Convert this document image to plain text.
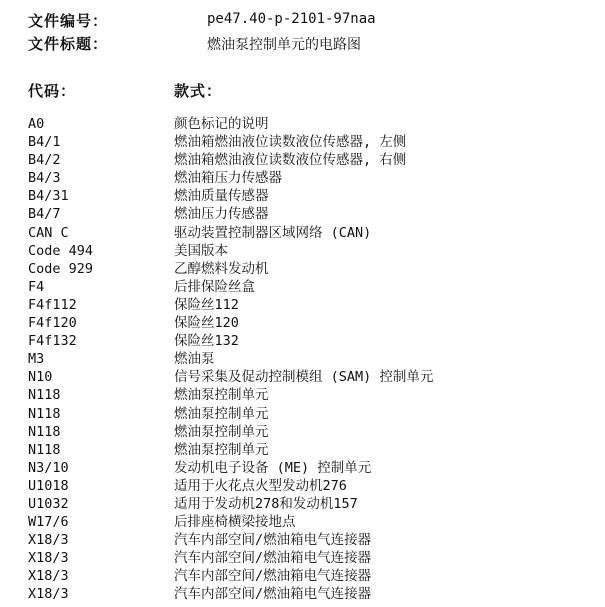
文件编号：	pe47.40-p-2101-97naa
文件标题：	燃油泵控制单元的电路图
代码：	款式：
A0	颜色标记的说明
B4/1	燃油箱燃油液位读数液位传感器, 左侧
B4/2	燃油箱燃油液位读数液位传感器, 右侧
B4/3	燃油箱压力传感器
B4/31	燃油质量传感器
B4/7	燃油压力传感器
CAN C	驱动装置控制器区域网络 (CAN)
Code 494	美国版本
Code 929	乙醇燃料发动机
F4	后排保险丝盒
F4f112	保险丝112
F4f120	保险丝120
F4f132	保险丝132
M3	燃油泵
N10	信号采集及促动控制模组 (SAM) 控制单元
N118	燃油泵控制单元
N118	燃油泵控制单元
N118	燃油泵控制单元
N118	燃油泵控制单元
N3/10	发动机电子设备 (ME) 控制单元
U1018	适用于火花点火型发动机276
U1032	适用于发动机278和发动机157
W17/6	后排座椅横梁接地点
X18/3	汽车内部空间/燃油箱电气连接器
X18/3	汽车内部空间/燃油箱电气连接器
X18/3	汽车内部空间/燃油箱电气连接器
X18/3	汽车内部空间/燃油箱电气连接器
